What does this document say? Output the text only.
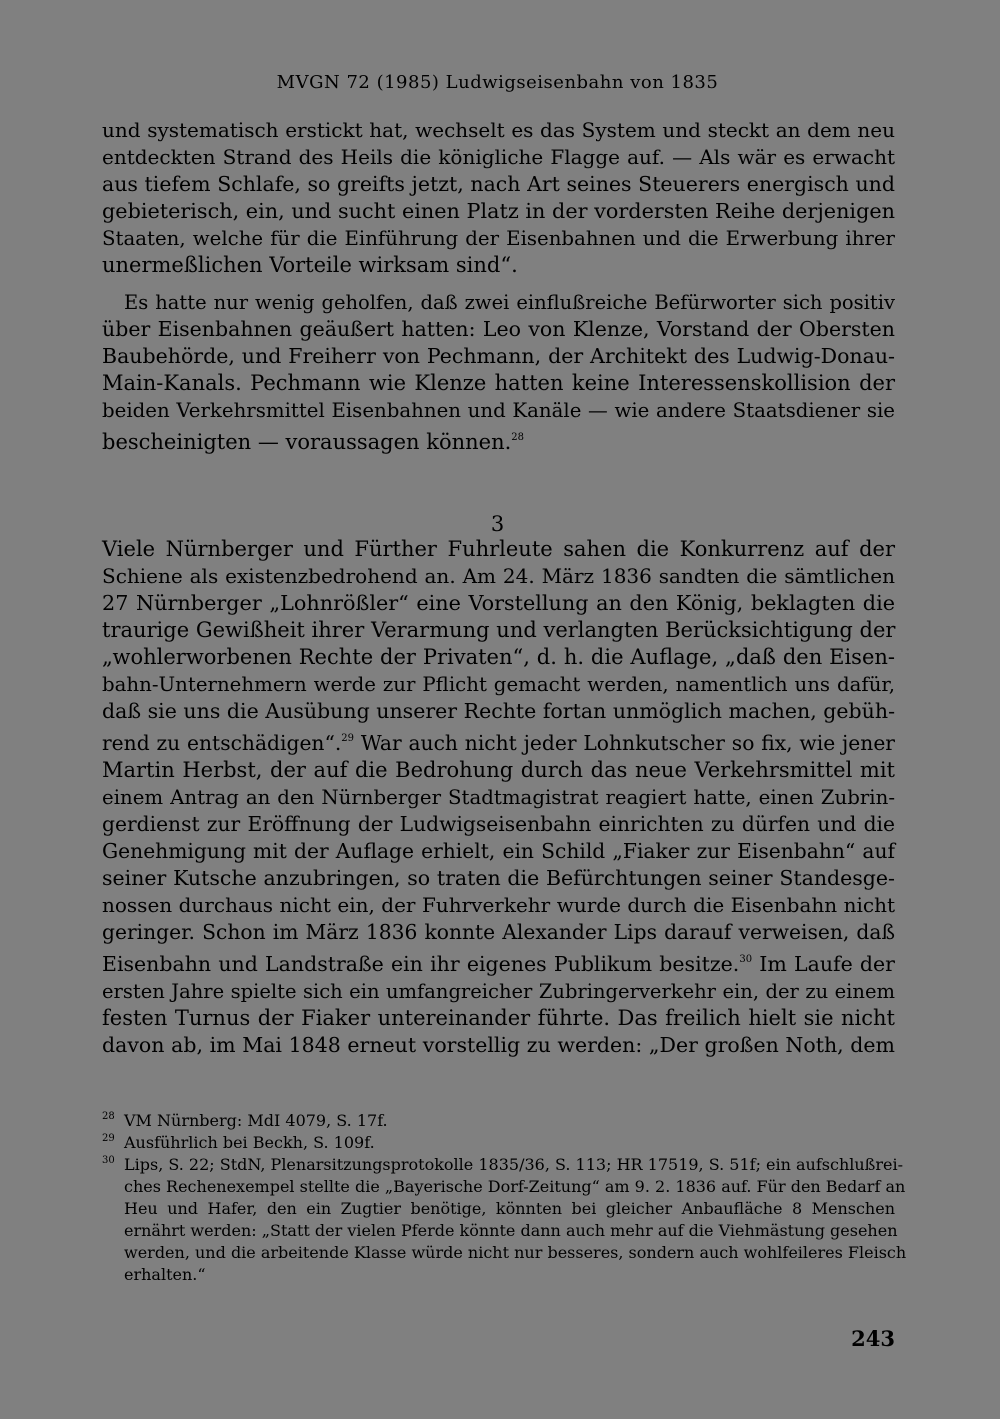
MVGN 72 (1985) Ludwigseisenbahn von 1835
und systematisch erstickt hat, wechselt es das System und steckt an dem neu
entdeckten Strand des Heils die königliche Flagge auf. — Als wär es erwacht
aus tiefem Schlafe, so greifts jetzt, nach Art seines Steuerers energisch und
gebieterisch, ein, und sucht einen Platz in der vordersten Reihe derjenigen
Staaten, welche für die Einführung der Eisenbahnen und die Erwerbung ihrer
unermeßlichen Vorteile wirksam sind“.
Es hatte nur wenig geholfen, daß zwei einflußreiche Befürworter sich positiv
über Eisenbahnen geäußert hatten: Leo von Klenze, Vorstand der Obersten
Baubehörde, und Freiherr von Pechmann, der Architekt des Ludwig-Donau-
Main-Kanals. Pechmann wie Klenze hatten keine Interessenskollision der
beiden Verkehrsmittel Eisenbahnen und Kanäle — wie andere Staatsdiener sie
bescheinigten — voraussagen können.$^{28}$
3
Viele Nürnberger und Fürther Fuhrleute sahen die Konkurrenz auf der
Schiene als existenzbedrohend an. Am 24. März 1836 sandten die sämtlichen
27 Nürnberger „Lohnrößler“ eine Vorstellung an den König, beklagten die
traurige Gewißheit ihrer Verarmung und verlangten Berücksichtigung der
„wohlerworbenen Rechte der Privaten“, d. h. die Auflage, „daß den Eisen-
bahn-Unternehmern werde zur Pflicht gemacht werden, namentlich uns dafür,
daß sie uns die Ausübung unserer Rechte fortan unmöglich machen, gebüh-
rend zu entschädigen“.$^{29}$ War auch nicht jeder Lohnkutscher so fix, wie jener
Martin Herbst, der auf die Bedrohung durch das neue Verkehrsmittel mit
einem Antrag an den Nürnberger Stadtmagistrat reagiert hatte, einen Zubrin-
gerdienst zur Eröffnung der Ludwigseisenbahn einrichten zu dürfen und die
Genehmigung mit der Auflage erhielt, ein Schild „Fiaker zur Eisenbahn“ auf
seiner Kutsche anzubringen, so traten die Befürchtungen seiner Standesge-
nossen durchaus nicht ein, der Fuhrverkehr wurde durch die Eisenbahn nicht
geringer. Schon im März 1836 konnte Alexander Lips darauf verweisen, daß
Eisenbahn und Landstraße ein ihr eigenes Publikum besitze.$^{30}$ Im Laufe der
ersten Jahre spielte sich ein umfangreicher Zubringerverkehr ein, der zu einem
festen Turnus der Fiaker untereinander führte. Das freilich hielt sie nicht
davon ab, im Mai 1848 erneut vorstellig zu werden: „Der großen Noth, dem
28 VM Nürnberg: MdI 4079, S. 17f.
29 Ausführlich bei Beckh, S. 109f.
30 Lips, S. 22; StdN, Plenarsitzungsprotokolle 1835/36, S. 113; HR 17519, S. 51f; ein aufschlußrei-
ches Rechenexempel stellte die „Bayerische Dorf-Zeitung“ am 9. 2. 1836 auf. Für den Bedarf an
Heu und Hafer, den ein Zugtier benötige, könnten bei gleicher Anbaufläche 8 Menschen
ernährt werden: „Statt der vielen Pferde könnte dann auch mehr auf die Viehmästung gesehen
werden, und die arbeitende Klasse würde nicht nur besseres, sondern auch wohlfeileres Fleisch
erhalten.“
243
